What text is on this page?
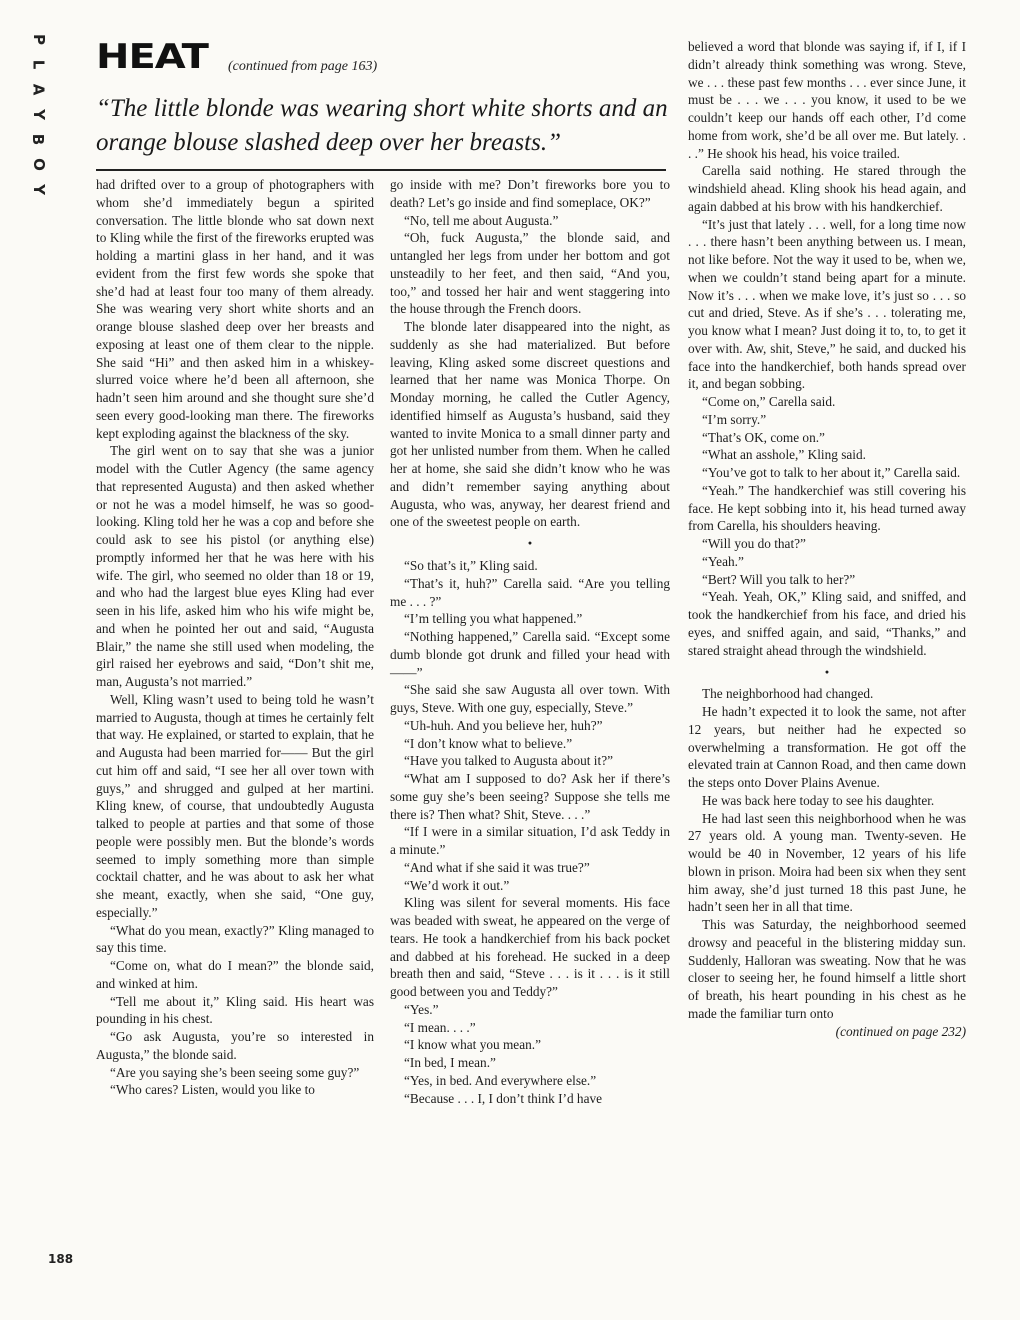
P
L
A
Y
B
O
Y
HEAT (continued from page 163)

“The little blonde was wearing short white shorts and an orange blouse slashed deep over her breasts.”

had drifted over to a group of photographers with whom she’d immediately begun a spirited conversation. The little blonde who sat down next to Kling while the first of the fireworks erupted was holding a martini glass in her hand, and it was evident from the first few words she spoke that she’d had at least four too many of them already. She was wearing very short white shorts and an orange blouse slashed deep over her breasts and exposing at least one of them clear to the nipple. She said “Hi” and then asked him in a whiskey-slurred voice where he’d been all afternoon, she hadn’t seen him around and she thought sure she’d seen every good-looking man there. The fireworks kept exploding against the blackness of the sky.

The girl went on to say that she was a junior model with the Cutler Agency (the same agency that represented Augusta) and then asked whether or not he was a model himself, he was so good-looking. Kling told her he was a cop and before she could ask to see his pistol (or anything else) promptly informed her that he was here with his wife. The girl, who seemed no older than 18 or 19, and who had the largest blue eyes Kling had ever seen in his life, asked him who his wife might be, and when he pointed her out and said, “Augusta Blair,” the name she still used when modeling, the girl raised her eyebrows and said, “Don’t shit me, man, Augusta’s not married.”

Well, Kling wasn’t used to being told he wasn’t married to Augusta, though at times he certainly felt that way. He explained, or started to explain, that he and Augusta had been married for—— But the girl cut him off and said, “I see her all over town with guys,” and shrugged and gulped at her martini. Kling knew, of course, that undoubtedly Augusta talked to people at parties and that some of those people were possibly men. But the blonde’s words seemed to imply something more than simple cocktail chatter, and he was about to ask her what she meant, exactly, when she said, “One guy, especially.”

“What do you mean, exactly?” Kling managed to say this time.

“Come on, what do I mean?” the blonde said, and winked at him.

“Tell me about it,” Kling said. His heart was pounding in his chest.

“Go ask Augusta, you’re so interested in Augusta,” the blonde said.

“Are you saying she’s been seeing some guy?”

“Who cares? Listen, would you like to

go inside with me? Don’t fireworks bore you to death? Let’s go inside and find someplace, OK?”

“No, tell me about Augusta.”

“Oh, fuck Augusta,” the blonde said, and untangled her legs from under her bottom and got unsteadily to her feet, and then said, “And you, too,” and tossed her hair and went staggering into the house through the French doors.

The blonde later disappeared into the night, as suddenly as she had materialized. But before leaving, Kling asked some discreet questions and learned that her name was Monica Thorpe. On Monday morning, he called the Cutler Agency, identified himself as Augusta’s husband, said they wanted to invite Monica to a small dinner party and got her unlisted number from them. When he called her at home, she said she didn’t know who he was and didn’t remember saying anything about Augusta, who was, anyway, her dearest friend and one of the sweetest people on earth.

●

“So that’s it,” Kling said.

“That’s it, huh?” Carella said. “Are you telling me . . . ?”

“I’m telling you what happened.”

“Nothing happened,” Carella said. “Except some dumb blonde got drunk and filled your head with——”

“She said she saw Augusta all over town. With guys, Steve. With one guy, especially, Steve.”

“Uh-huh. And you believe her, huh?”

“I don’t know what to believe.”

“Have you talked to Augusta about it?”

“What am I supposed to do? Ask her if there’s some guy she’s been seeing? Suppose she tells me there is? Then what? Shit, Steve. . . .”

“If I were in a similar situation, I’d ask Teddy in a minute.”

“And what if she said it was true?”

“We’d work it out.”

Kling was silent for several moments. His face was beaded with sweat, he appeared on the verge of tears. He took a handkerchief from his back pocket and dabbed at his forehead. He sucked in a deep breath then and said, “Steve . . . is it . . . is it still good between you and Teddy?”

“Yes.”

“I mean. . . .”

“I know what you mean.”

“In bed, I mean.”

“Yes, in bed. And everywhere else.”

“Because . . . I, I don’t think I’d have

believed a word that blonde was saying if, if I, if I didn’t already think something was wrong. Steve, we . . . these past few months . . . ever since June, it must be . . . we . . . you know, it used to be we couldn’t keep our hands off each other, I’d come home from work, she’d be all over me. But lately. . . .” He shook his head, his voice trailed.

Carella said nothing. He stared through the windshield ahead. Kling shook his head again, and again dabbed at his brow with his handkerchief.

“It’s just that lately . . . well, for a long time now . . . there hasn’t been anything between us. I mean, not like before. Not the way it used to be, when we, when we couldn’t stand being apart for a minute. Now it’s . . . when we make love, it’s just so . . . so cut and dried, Steve. As if she’s . . . tolerating me, you know what I mean? Just doing it to, to, to get it over with. Aw, shit, Steve,” he said, and ducked his face into the handkerchief, both hands spread over it, and began sobbing.

“Come on,” Carella said.

“I’m sorry.”

“That’s OK, come on.”

“What an asshole,” Kling said.

“You’ve got to talk to her about it,” Carella said.

“Yeah.” The handkerchief was still covering his face. He kept sobbing into it, his head turned away from Carella, his shoulders heaving.

“Will you do that?”

“Yeah.”

“Bert? Will you talk to her?”

“Yeah. Yeah, OK,” Kling said, and sniffed, and took the handkerchief from his face, and dried his eyes, and sniffed again, and said, “Thanks,” and stared straight ahead through the windshield.

●

The neighborhood had changed.

He hadn’t expected it to look the same, not after 12 years, but neither had he expected so overwhelming a transformation. He got off the elevated train at Cannon Road, and then came down the steps onto Dover Plains Avenue.

He was back here today to see his daughter.

He had last seen this neighborhood when he was 27 years old. A young man. Twenty-seven. He would be 40 in November, 12 years of his life blown in prison. Moira had been six when they sent him away, she’d just turned 18 this past June, he hadn’t seen her in all that time.

This was Saturday, the neighborhood seemed drowsy and peaceful in the blistering midday sun. Suddenly, Halloran was sweating. Now that he was closer to seeing her, he found himself a little short of breath, his heart pounding in his chest as he made the familiar turn onto

(continued on page 232)
188
